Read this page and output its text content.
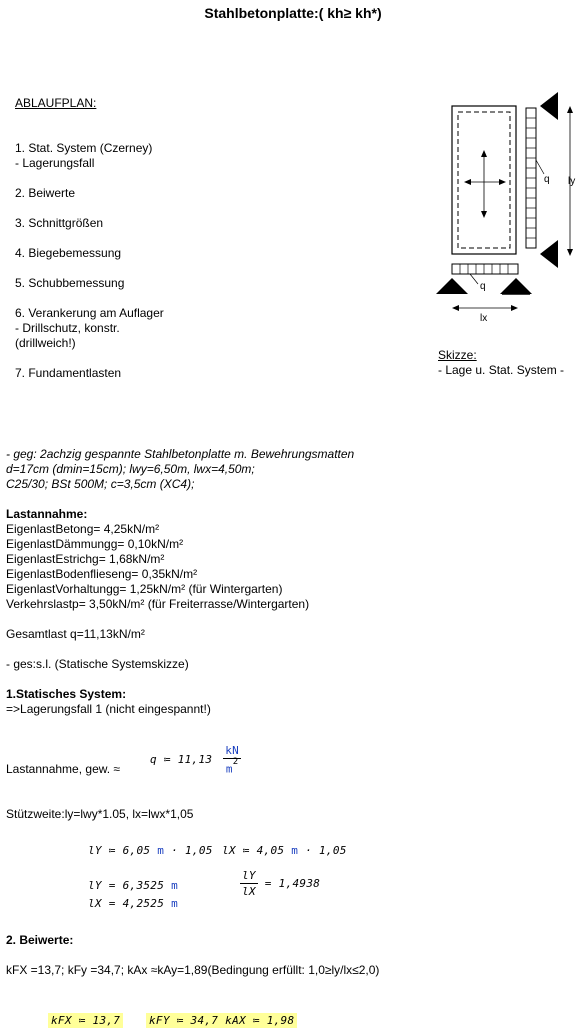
Stahlbetonplatte:( kh≥ kh*)
ABLAUFPLAN:
1. Stat. System (Czerney)
- Lagerungsfall
2. Beiwerte
3. Schnittgrößen
4. Biegebemessung
5. Schubbemessung
6. Verankerung am Auflager
- Drillschutz, konstr.
(drillweich!)
7. Fundamentlasten
q ly
q
lx
Skizze:
- Lage u. Stat. System -
- geg: 2achzig gespannte Stahlbetonplatte m. Bewehrungsmatten
d=17cm (dmin=15cm); lwy=6,50m, lwx=4,50m;
C25/30; BSt 500M; c=3,5cm (XC4);
Lastannahme:
EigenlastBetong= 4,25kN/m²
EigenlastDämmungg= 0,10kN/m²
EigenlastEstrichg= 1,68kN/m²
EigenlastBodenflieseng= 0,35kN/m²
EigenlastVorhaltungg= 1,25kN/m² (für Wintergarten)
Verkehrslastp= 3,50kN/m² (für Freiterrasse/Wintergarten)
Gesamtlast q=11,13kN/m²
- ges:s.l. (Statische Systemskizze)
1.Statisches System:
=>Lagerungsfall 1 (nicht eingespannt!)
Lastannahme, gew. ≈
q ≔ $11,13 \frac{kN}{m^2}$
Stützweite:ly=lwy*1.05, lx=lwx*1,05
lY ≔ 6,05 m · 1,05 lX ≔ 4,05 m · 1,05
lY = 6,3525 m
lX = 4,2525 m
$\frac{lY}{lX} = 1,4938$
2. Beiwerte:
kFX =13,7; kFy =34,7; kAx ≈kAy=1,89(Bedingung erfüllt: 1,0≥ly/lx≤2,0)
kFX ≔ 13,7	kFY ≔ 34,7 kAX ≔ 1,98
